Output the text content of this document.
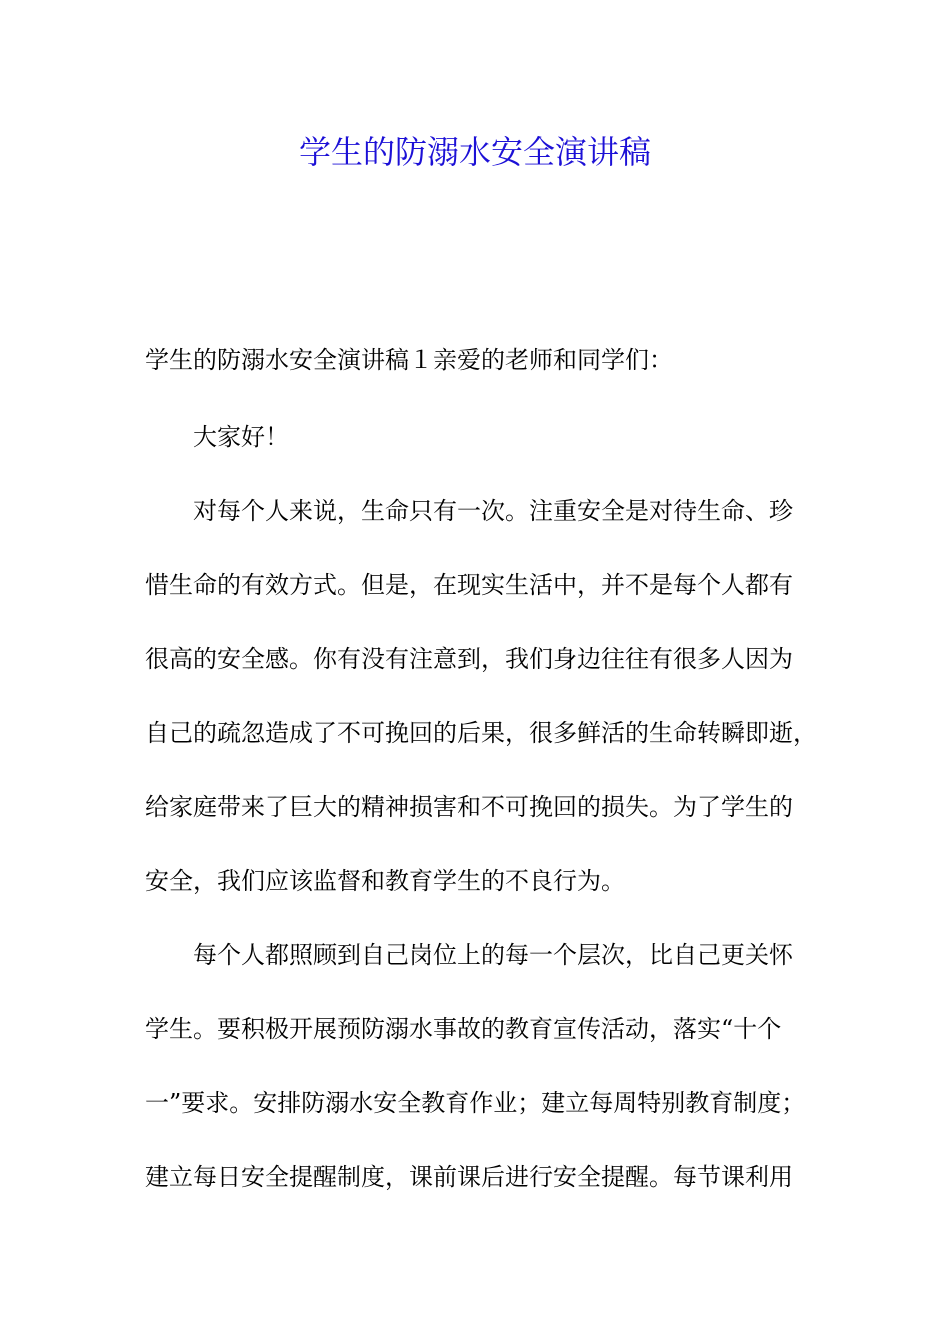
学生的防溺水安全演讲稿

学生的防溺水安全演讲稿１亲爱的老师和同学们：

大家好！

对每个人来说，生命只有一次。注重安全是对待生命、珍

惜生命的有效方式。但是，在现实生活中，并不是每个人都有

很高的安全感。你有没有注意到，我们身边往往有很多人因为

自己的疏忽造成了不可挽回的后果，很多鲜活的生命转瞬即逝，

给家庭带来了巨大的精神损害和不可挽回的损失。为了学生的

安全，我们应该监督和教育学生的不良行为。

每个人都照顾到自己岗位上的每一个层次，比自己更关怀

学生。要积极开展预防溺水事故的教育宣传活动，落实“十个

一”要求。安排防溺水安全教育作业；建立每周特别教育制度；

建立每日安全提醒制度，课前课后进行安全提醒。每节课利用
